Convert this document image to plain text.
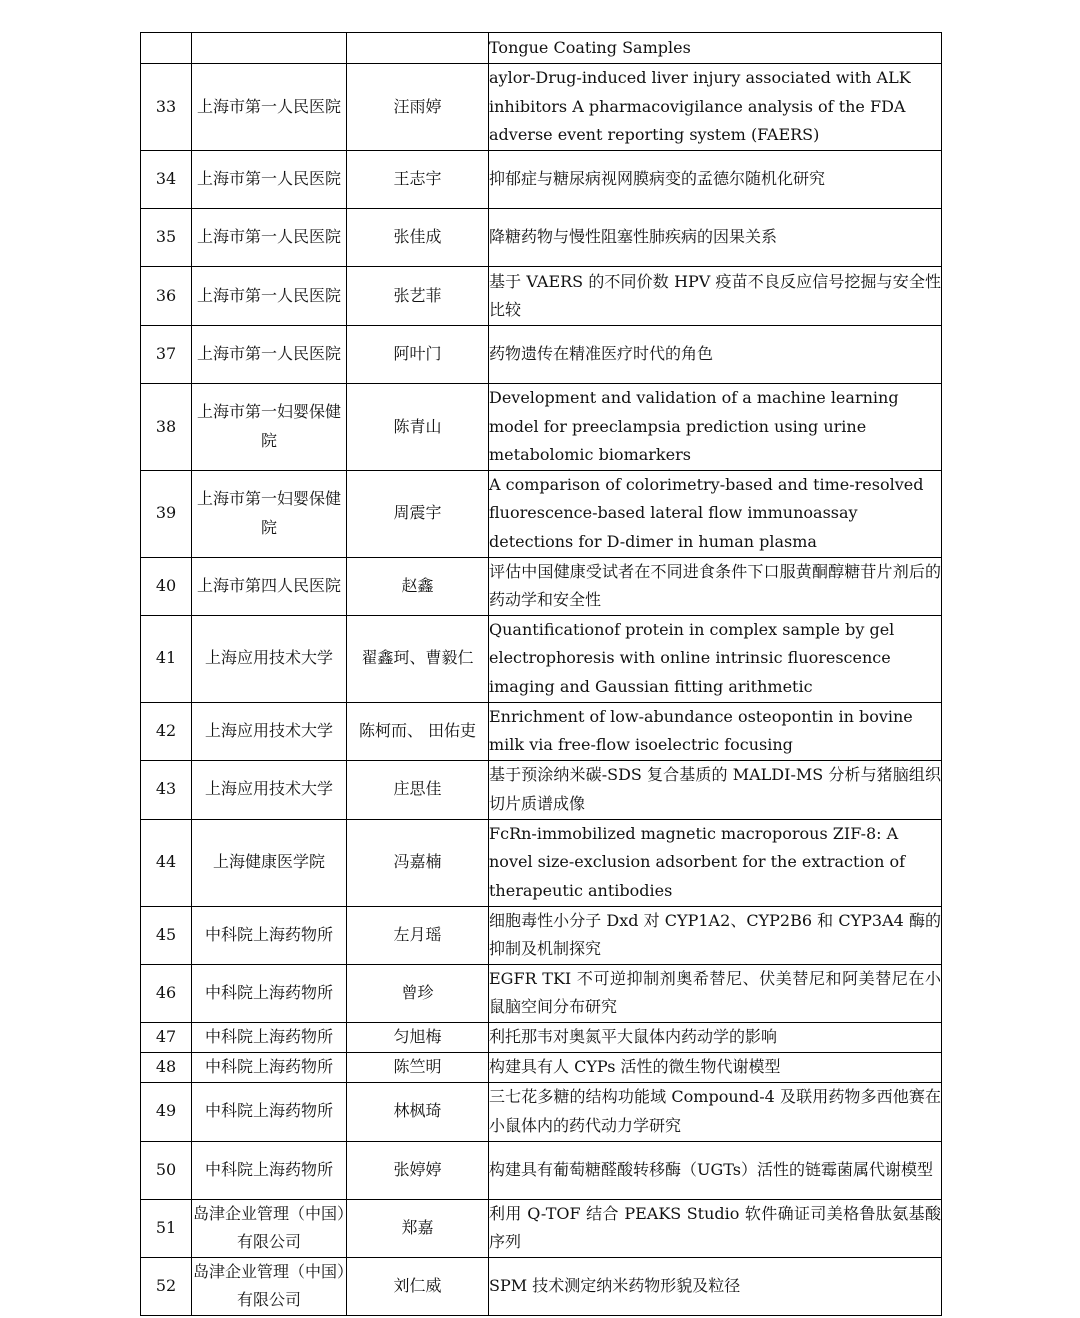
			Tongue Coating Samples
33	上海市第一人民医院	汪雨婷	aylor-Drug-induced liver injury associated with ALK inhibitors A pharmacovigilance analysis of the FDA adverse event reporting system (FAERS)
34	上海市第一人民医院	王志宇	抑郁症与糖尿病视网膜病变的孟德尔随机化研究
35	上海市第一人民医院	张佳成	降糖药物与慢性阻塞性肺疾病的因果关系
36	上海市第一人民医院	张艺菲	基于 VAERS 的不同价数 HPV 疫苗不良反应信号挖掘与安全性比较
37	上海市第一人民医院	阿叶门	药物遗传在精准医疗时代的角色
38	上海市第一妇婴保健院	陈青山	Development and validation of a machine learning model for preeclampsia prediction using urine metabolomic biomarkers
39	上海市第一妇婴保健院	周震宇	A comparison of colorimetry-based and time-resolved fluorescence-based lateral flow immunoassay detections for D-dimer in human plasma
40	上海市第四人民医院	赵鑫	评估中国健康受试者在不同进食条件下口服黄酮醇糖苷片剂后的药动学和安全性
41	上海应用技术大学	翟鑫珂、曹毅仁	Quantificationof protein in complex sample by gel electrophoresis with online intrinsic fluorescence imaging and Gaussian fitting arithmetic
42	上海应用技术大学	陈柯而、 田佑吏	Enrichment of low-abundance osteopontin in bovine milk via free-flow isoelectric focusing
43	上海应用技术大学	庄思佳	基于预涂纳米碳-SDS 复合基质的 MALDI-MS 分析与猪脑组织切片质谱成像
44	上海健康医学院	冯嘉楠	FcRn-immobilized magnetic macroporous ZIF-8: A novel size-exclusion adsorbent for the extraction of therapeutic antibodies
45	中科院上海药物所	左月瑶	细胞毒性小分子 Dxd 对 CYP1A2、CYP2B6 和 CYP3A4 酶的抑制及机制探究
46	中科院上海药物所	曾珍	EGFR TKI 不可逆抑制剂奥希替尼、伏美替尼和阿美替尼在小鼠脑空间分布研究
47	中科院上海药物所	匀旭梅	利托那韦对奥氮平大鼠体内药动学的影响
48	中科院上海药物所	陈竺明	构建具有人 CYPs 活性的微生物代谢模型
49	中科院上海药物所	林枫琦	三七花多糖的结构功能域 Compound-4 及联用药物多西他赛在小鼠体内的药代动力学研究
50	中科院上海药物所	张婷婷	构建具有葡萄糖醛酸转移酶（UGTs）活性的链霉菌属代谢模型
51	岛津企业管理（中国）有限公司	郑嘉	利用 Q-TOF 结合 PEAKS Studio 软件确证司美格鲁肽氨基酸序列
52	岛津企业管理（中国）有限公司	刘仁威	SPM 技术测定纳米药物形貌及粒径
